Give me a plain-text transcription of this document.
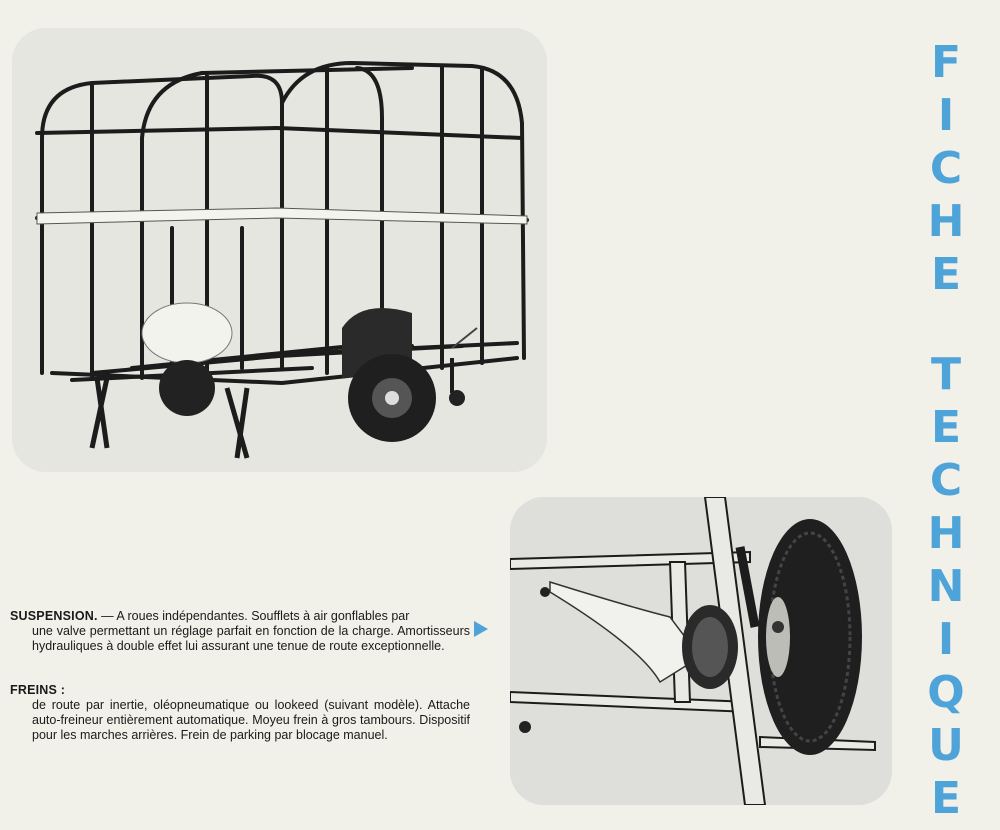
F
I
C
H
E
T
E
C
H
N
I
Q
U
E
SUSPENSION. — A roues indépendantes. Soufflets à air gonflables par
une valve permettant un réglage parfait en fonction de la charge. Amortisseurs hydrauliques à double effet lui assurant une tenue de route exceptionnelle.
FREINS :
de route par inertie, oléopneumatique ou lookeed (suivant modèle). Attache auto-freineur entièrement automatique. Moyeu frein à gros tambours. Dispositif pour les marches arrières. Frein de parking par blocage manuel.
